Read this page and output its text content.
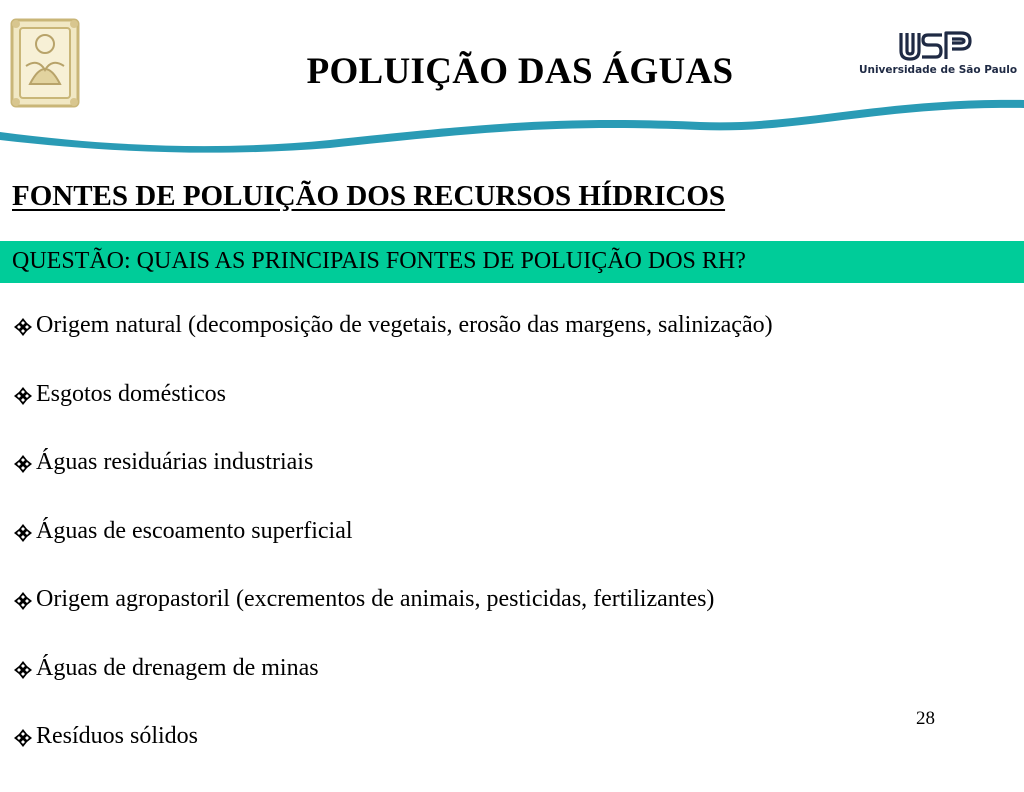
POLUIÇÃO DAS ÁGUAS	Universidade de São Paulo
FONTES DE POLUIÇÃO DOS RECURSOS HÍDRICOS
QUESTÃO: QUAIS AS PRINCIPAIS FONTES DE POLUIÇÃO DOS RH?
Origem natural (decomposição de vegetais, erosão das margens, salinização)
Esgotos domésticos
Águas residuárias industriais
Águas de escoamento superficial
Origem agropastoril (excrementos de animais, pesticidas, fertilizantes)
Águas de drenagem de minas
Resíduos sólidos
28
